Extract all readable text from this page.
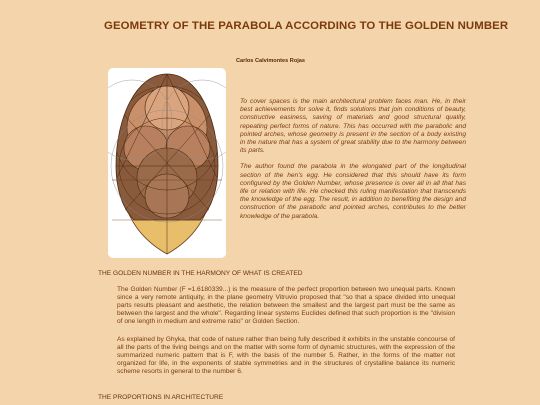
GEOMETRY OF THE PARABOLA ACCORDING TO THE GOLDEN NUMBER
Carlos Calvimontes Rojas

To cover spaces is the main architectural problem faces man. He, in their best achievements for solve it, finds solutions that join conditions of beauty, constructive easiness, saving of materials and good structural quality, repeating perfect forms of nature. This has occurred with the parabolic and pointed arches, whose geometry is present in the section of a body existing in the nature that has a system of great stability due to the harmony between its parts.

The author found the parabola in the elongated part of the longitudinal section of the hen's egg. He considered that this should have its form configured by the Golden Number, whose presence is over all in all that has life or relation with life. He checked this ruling manifestation that transcends the knowledge of the egg. The result, in addition to benefiting the design and construction of the parabolic and pointed arches, contributes to the better knowledge of the parabola.

THE GOLDEN NUMBER IN THE HARMONY OF WHAT IS CREATED
The Golden Number (F =1.6180339...) is the measure of the perfect proportion between two unequal parts. Known since a very remote antiquity, in the plane geometry Vitruvio proposed that "so that a space divided into unequal parts results pleasant and aesthetic, the relation between the smallest and the largest part must be the same as between the largest and the whole". Regarding linear systems Euclides defined that such proportion is the "division of one length in medium and extreme ratio" or Golden Section.
As explained by Ghyka, that code of nature rather than being fully described it exhibits in the unstable concourse of all the parts of the living beings and on the matter with some form of dynamic structures, with the expression of the summarized numeric pattern that is F, with the basis of the number 5. Rather, in the forms of the matter not organized for life, in the exponents of stable symmetries and in the structures of crystalline balance its numeric scheme resorts in general to the number 6.
THE PROPORTIONS IN ARCHITECTURE
